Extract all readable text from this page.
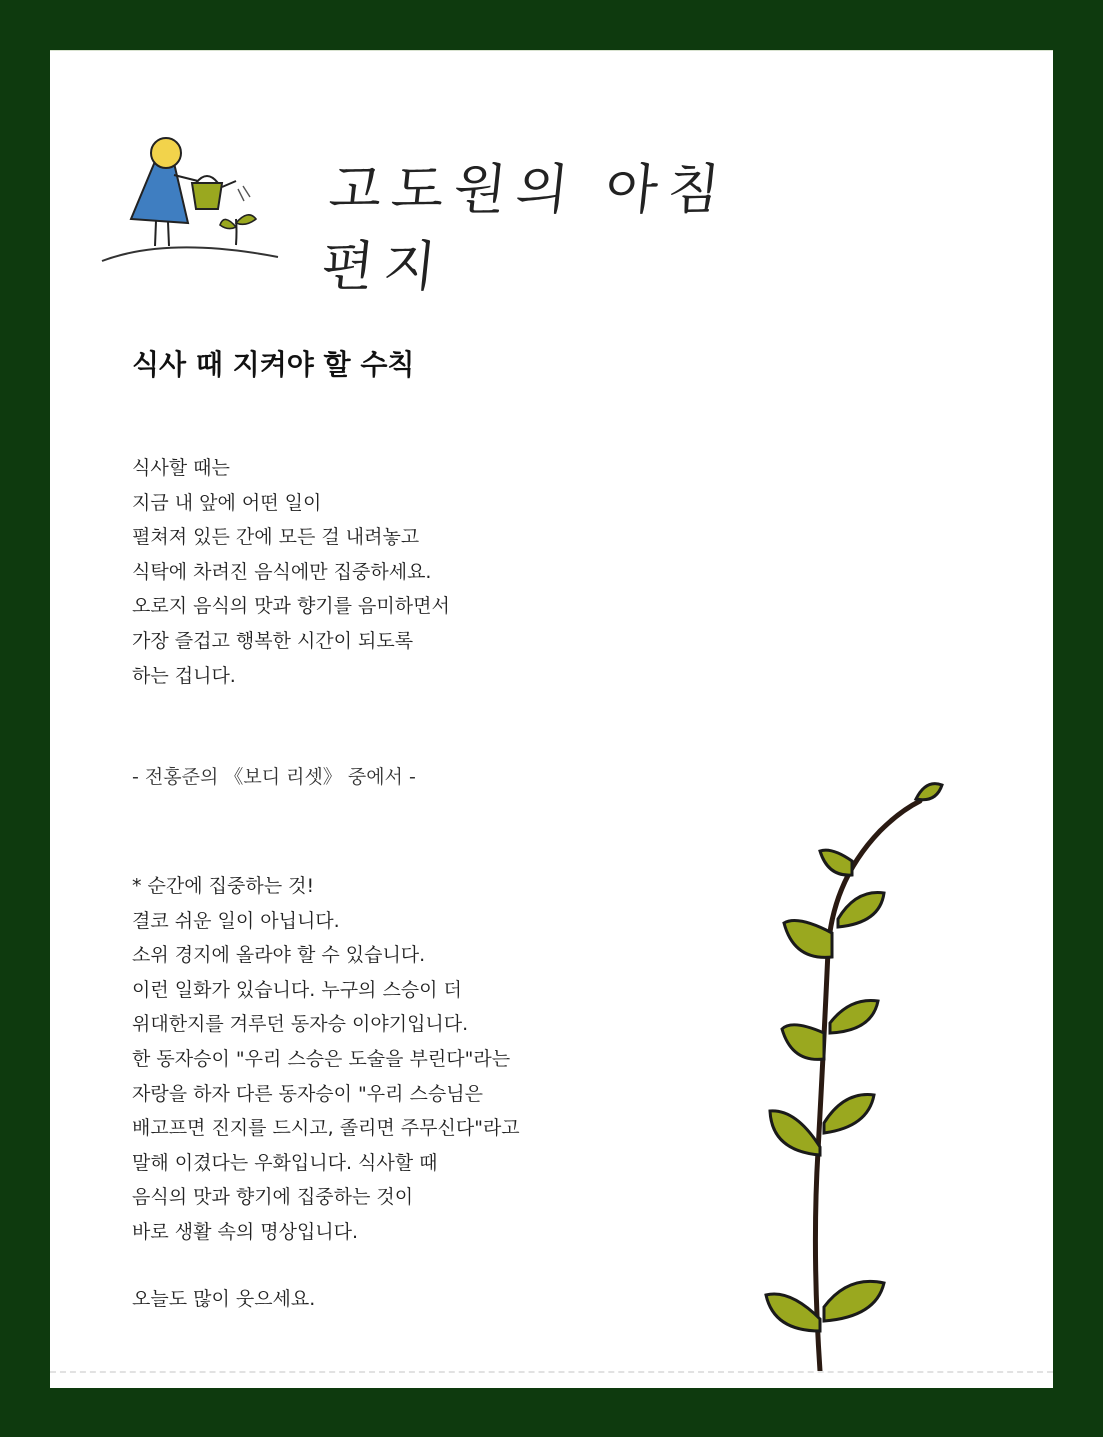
고도원의 아침편지
식사 때 지켜야 할 수칙

식사할 때는

지금 내 앞에 어떤 일이

펼쳐져 있든 간에 모든 걸 내려놓고

식탁에 차려진 음식에만 집중하세요.

오로지 음식의 맛과 향기를 음미하면서

가장 즐겁고 행복한 시간이 되도록

하는 겁니다.

- 전홍준의 《보디 리셋》 중에서 -

* 순간에 집중하는 것!

결코 쉬운 일이 아닙니다.

소위 경지에 올라야 할 수 있습니다.

이런 일화가 있습니다. 누구의 스승이 더

위대한지를 겨루던 동자승 이야기입니다.

한 동자승이 "우리 스승은 도술을 부린다"라는

자랑을 하자 다른 동자승이 "우리 스승님은

배고프면 진지를 드시고, 졸리면 주무신다"라고

말해 이겼다는 우화입니다. 식사할 때

음식의 맛과 향기에 집중하는 것이

바로 생활 속의 명상입니다.

오늘도 많이 웃으세요.
